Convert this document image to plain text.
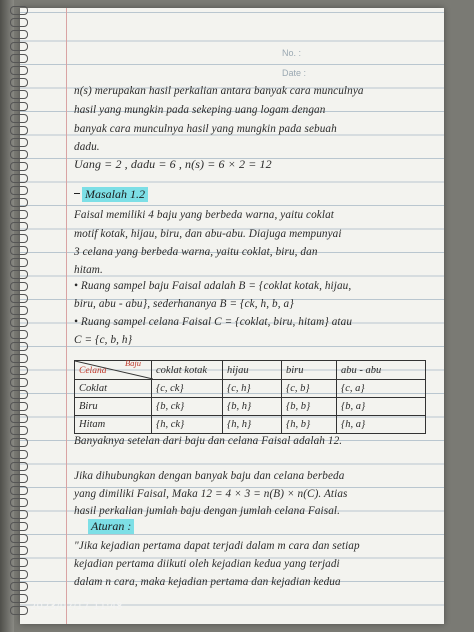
No. :
Date :
n(s) merupakan hasil perkalian antara banyak cara munculnya
hasil yang mungkin pada sekeping uang logam dengan
banyak cara munculnya hasil yang mungkin pada sebuah
dadu.
Uang = 2 , dadu = 6 , n(s) = 6 × 2 = 12
Masalah 1.2
Faisal memiliki 4 baju yang berbeda warna, yaitu coklat
motif kotak, hijau, biru, dan abu-abu. Diajuga mempunyai
3 celana yang berbeda warna, yaitu coklat, biru, dan
hitam.
• Ruang sampel baju Faisal adalah B = {coklat kotak, hijau,
biru, abu - abu}, sederhananya B = {ck, h, b, a}
• Ruang sampel celana Faisal C = {coklat, biru, hitam} atau
C = {c, b, h}
Baju
Celana	coklat kotak	hijau	biru	abu - abu
Coklat	{c, ck}	{c, h}	{c, b}	{c, a}
Biru	{b, ck}	{b, h}	{b, b}	{b, a}
Hitam	{h, ck}	{h, h}	{h, b}	{h, a}
Banyaknya setelan dari baju dan celana Faisal adalah 12.
Jika dihubungkan dengan banyak baju dan celana berbeda
yang dimiliki Faisal, Maka 12 = 4 × 3 = n(B) × n(C). Atias
hasil perkalian jumlah baju dengan jumlah celana Faisal.
Aturan :
"Jika kejadian pertama dapat terjadi dalam m cara dan setiap
kejadian pertama diikuti oleh kejadian kedua yang terjadi
dalam n cara, maka kejadian pertama dan kejadian kedua
2023/02/17 11:48
